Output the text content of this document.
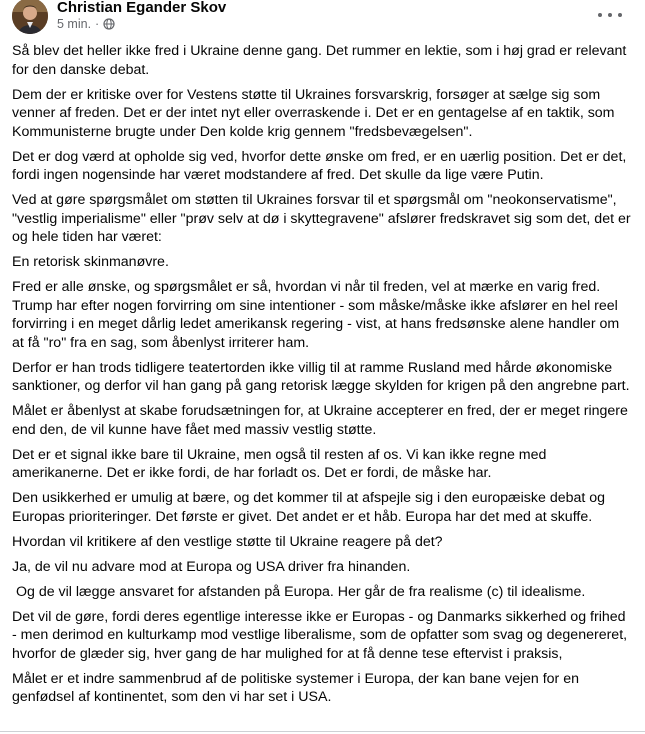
Christian Egander Skov
5 min. ·

Så blev det heller ikke fred i Ukraine denne gang. Det rummer en lektie, som i høj grad er relevant for den danske debat.

Dem der er kritiske over for Vestens støtte til Ukraines forsvarskrig, forsøger at sælge sig som venner af freden. Det er der intet nyt eller overraskende i. Det er en gentagelse af en taktik, som Kommunisterne brugte under Den kolde krig gennem "fredsbevægelsen".

Det er dog værd at opholde sig ved, hvorfor dette ønske om fred, er en uærlig position. Det er det, fordi ingen nogensinde har været modstandere af fred. Det skulle da lige være Putin.

Ved at gøre spørgsmålet om støtten til Ukraines forsvar til et spørgsmål om "neokonservatisme", "vestlig imperialisme" eller "prøv selv at dø i skyttegravene" afslører fredskravet sig som det, det er og hele tiden har været:

En retorisk skinmanøvre.

Fred er alle ønske, og spørgsmålet er så, hvordan vi når til freden, vel at mærke en varig fred. Trump har efter nogen forvirring om sine intentioner - som måske/måske ikke afslører en hel reel forvirring i en meget dårlig ledet amerikansk regering - vist, at hans fredsønske alene handler om at få "ro" fra en sag, som åbenlyst irriterer ham.

Derfor er han trods tidligere teatertorden ikke villig til at ramme Rusland med hårde økonomiske sanktioner, og derfor vil han gang på gang retorisk lægge skylden for krigen på den angrebne part.

Målet er åbenlyst at skabe forudsætningen for, at Ukraine accepterer en fred, der er meget ringere end den, de vil kunne have fået med massiv vestlig støtte.

Det er et signal ikke bare til Ukraine, men også til resten af os. Vi kan ikke regne med amerikanerne. Det er ikke fordi, de har forladt os. Det er fordi, de måske har.

Den usikkerhed er umulig at bære, og det kommer til at afspejle sig i den europæiske debat og Europas prioriteringer. Det første er givet. Det andet er et håb. Europa har det med at skuffe.

Hvordan vil kritikere af den vestlige støtte til Ukraine reagere på det?

Ja, de vil nu advare mod at Europa og USA driver fra hinanden.

Og de vil lægge ansvaret for afstanden på Europa. Her går de fra realisme (c) til idealisme.

Det vil de gøre, fordi deres egentlige interesse ikke er Europas - og Danmarks sikkerhed og frihed - men derimod en kulturkamp mod vestlige liberalisme, som de opfatter som svag og degenereret, hvorfor de glæder sig, hver gang de har mulighed for at få denne tese eftervist i praksis,

Målet er et indre sammenbrud af de politiske systemer i Europa, der kan bane vejen for en genfødsel af kontinentet, som den vi har set i USA.
